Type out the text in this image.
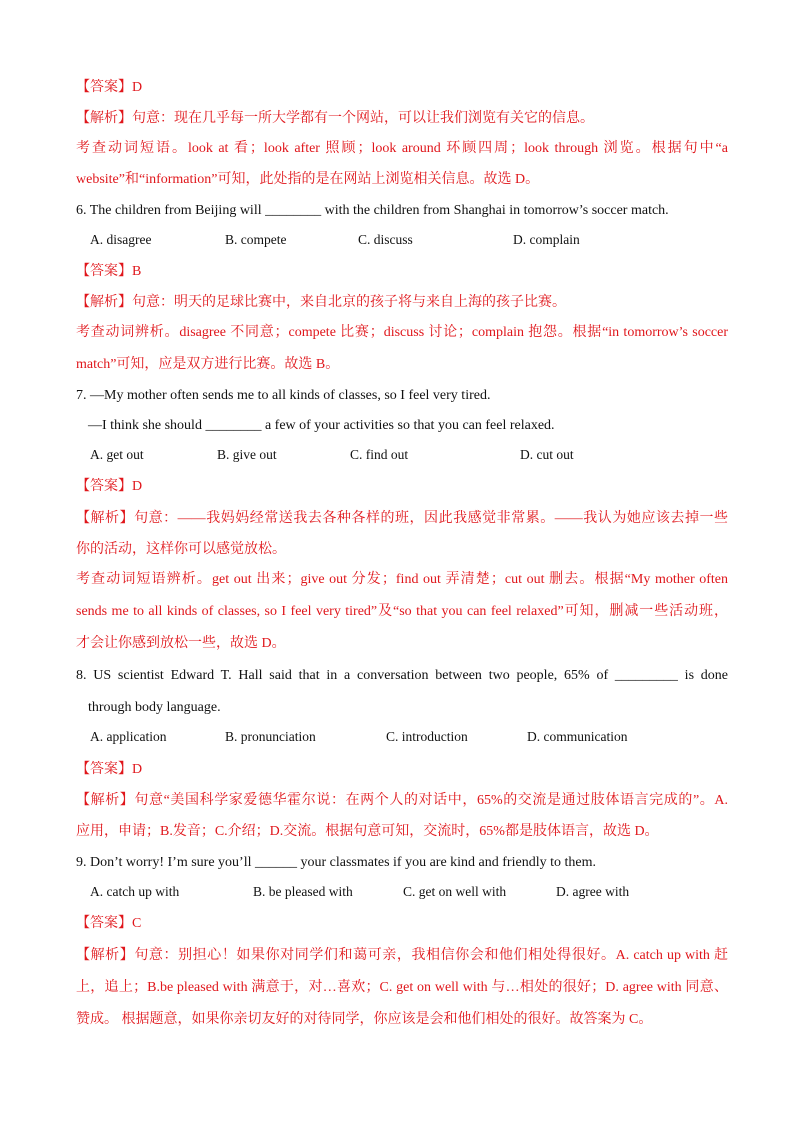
【答案】D
【解析】句意：现在几乎每一所大学都有一个网站，可以让我们浏览有关它的信息。
考查动词短语。look at 看；look after 照顾；look around 环顾四周；look through 浏览。根据句中“a
website”和“information”可知，此处指的是在网站上浏览相关信息。故选 D。
6. The children from Beijing will ________ with the children from Shanghai in tomorrow’s soccer match.
A. disagree	B. compete	C. discuss	D. complain
【答案】B
【解析】句意：明天的足球比赛中，来自北京的孩子将与来自上海的孩子比赛。
考查动词辨析。disagree 不同意；compete 比赛；discuss 讨论；complain 抱怨。根据“in tomorrow’s soccer
match”可知，应是双方进行比赛。故选 B。
7. —My mother often sends me to all kinds of classes, so I feel very tired.
—I think she should ________ a few of your activities so that you can feel relaxed.
A. get out	B. give out	C. find out	D. cut out
【答案】D
【解析】句意：——我妈妈经常送我去各种各样的班，因此我感觉非常累。——我认为她应该去掉一些
你的活动，这样你可以感觉放松。
考查动词短语辨析。get out 出来；give out 分发；find out 弄清楚；cut out 删去。根据“My mother often
sends me to all kinds of classes, so I feel very tired”及“so that you can feel relaxed”可知，删减一些活动班，
才会让你感到放松一些，故选 D。
8. US scientist Edward T. Hall said that in a conversation between two people, 65% of _________ is done
through body language.
A. application	B. pronunciation	C. introduction	D. communication
【答案】D
【解析】句意“美国科学家爱德华霍尔说：在两个人的对话中，65%的交流是通过肢体语言完成的”。A.
应用，申请；B.发音；C.介绍；D.交流。根据句意可知，交流时，65%都是肢体语言，故选 D。
9. Don’t worry! I’m sure you’ll ______ your classmates if you are kind and friendly to them.
A. catch up with	B. be pleased with	C. get on well with	D. agree with
【答案】C
【解析】句意：别担心！如果你对同学们和蔼可亲，我相信你会和他们相处得很好。A. catch up with 赶
上，追上；B.be pleased with 满意于，对…喜欢；C. get on well with 与…相处的很好；D. agree with 同意、
赞成。 根据题意，如果你亲切友好的对待同学，你应该是会和他们相处的很好。故答案为 C。
